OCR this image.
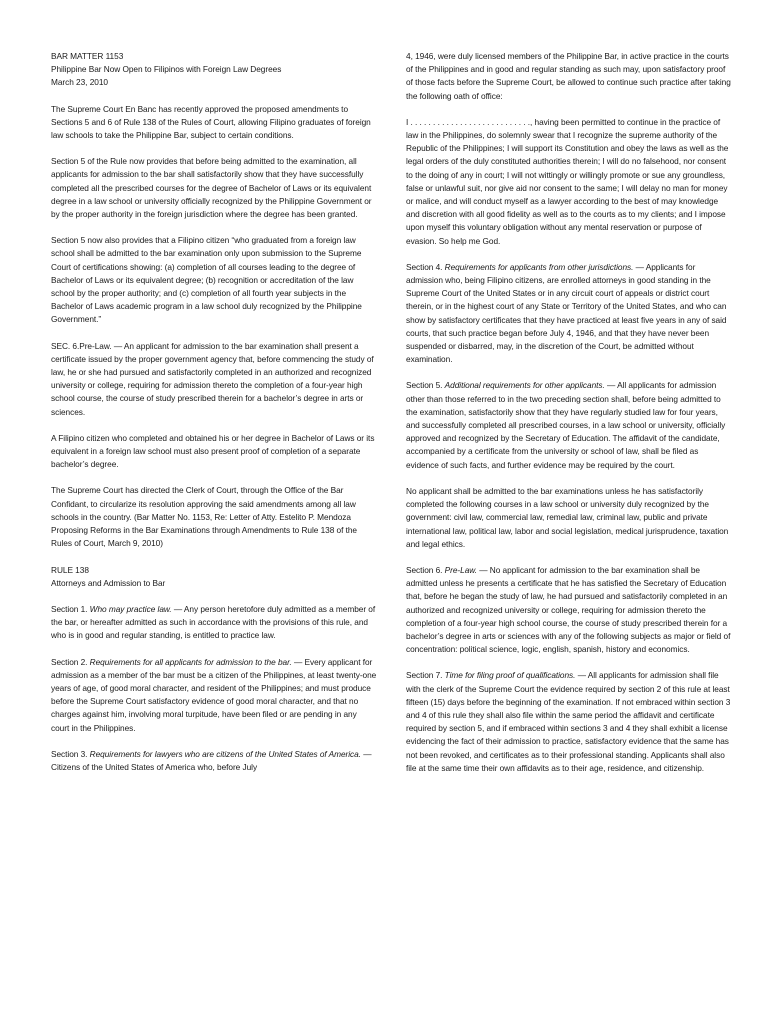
BAR MATTER 1153

Philippine Bar Now Open to Filipinos with Foreign Law Degrees

March 23, 2010

The Supreme Court En Banc has recently approved the proposed amendments to Sections 5 and 6 of Rule 138 of the Rules of Court, allowing Filipino graduates of foreign law schools to take the Philippine Bar, subject to certain conditions.

Section 5 of the Rule now provides that before being admitted to the examination, all applicants for admission to the bar shall satisfactorily show that they have successfully completed all the prescribed courses for the degree of Bachelor of Laws or its equivalent degree in a law school or university officially recognized by the Philippine Government or by the proper authority in the foreign jurisdiction where the degree has been granted.

Section 5 now also provides that a Filipino citizen “who graduated from a foreign law school shall be admitted to the bar examination only upon submission to the Supreme Court of certifications showing: (a) completion of all courses leading to the degree of Bachelor of Laws or its equivalent degree; (b) recognition or accreditation of the law school by the proper authority; and (c) completion of all fourth year subjects in the Bachelor of Laws academic program in a law school duly recognized by the Philippine Government.”

SEC. 6.Pre-Law. — An applicant for admission to the bar examination shall present a certificate issued by the proper government agency that, before commencing the study of law, he or she had pursued and satisfactorily completed in an authorized and recognized university or college, requiring for admission thereto the completion of a four-year high school course, the course of study prescribed therein for a bachelor’s degree in arts or sciences.

A Filipino citizen who completed and obtained his or her degree in Bachelor of Laws or its equivalent in a foreign law school must also present proof of completion of a separate bachelor’s degree.

The Supreme Court has directed the Clerk of Court, through the Office of the Bar Confidant, to circularize its resolution approving the said amendments among all law schools in the country. (Bar Matter No. 1153, Re: Letter of Atty. Estelito P. Mendoza Proposing Reforms in the Bar Examinations through Amendments to Rule 138 of the Rules of Court, March 9, 2010)

RULE 138

Attorneys and Admission to Bar

Section 1. Who may practice law. — Any person heretofore duly admitted as a member of the bar, or hereafter admitted as such in accordance with the provisions of this rule, and who is in good and regular standing, is entitled to practice law.

Section 2. Requirements for all applicants for admission to the bar. — Every applicant for admission as a member of the bar must be a citizen of the Philippines, at least twenty-one years of age, of good moral character, and resident of the Philippines; and must produce before the Supreme Court satisfactory evidence of good moral character, and that no charges against him, involving moral turpitude, have been filed or are pending in any court in the Philippines.

Section 3. Requirements for lawyers who are citizens of the United States of America. — Citizens of the United States of America who, before July

4, 1946, were duly licensed members of the Philippine Bar, in active practice in the courts of the Philippines and in good and regular standing as such may, upon satisfactory proof of those facts before the Supreme Court, be allowed to continue such practice after taking the following oath of office:

I . . . . . . . . . . . . . . . . . . . . . . . . . . ., having been permitted to continue in the practice of law in the Philippines, do solemnly swear that I recognize the supreme authority of the Republic of the Philippines; I will support its Constitution and obey the laws as well as the legal orders of the duly constituted authorities therein; I will do no falsehood, nor consent to the doing of any in court; I will not wittingly or willingly promote or sue any groundless, false or unlawful suit, nor give aid nor consent to the same; I will delay no man for money or malice, and will conduct myself as a lawyer according to the best of may knowledge and discretion with all good fidelity as well as to the courts as to my clients; and I impose upon myself this voluntary obligation without any mental reservation or purpose of evasion. So help me God.

Section 4. Requirements for applicants from other jurisdictions. — Applicants for admission who, being Filipino citizens, are enrolled attorneys in good standing in the Supreme Court of the United States or in any circuit court of appeals or district court therein, or in the highest court of any State or Territory of the United States, and who can show by satisfactory certificates that they have practiced at least five years in any of said courts, that such practice began before July 4, 1946, and that they have never been suspended or disbarred, may, in the discretion of the Court, be admitted without examination.

Section 5. Additional requirements for other applicants. — All applicants for admission other than those referred to in the two preceding section shall, before being admitted to the examination, satisfactorily show that they have regularly studied law for four years, and successfully completed all prescribed courses, in a law school or university, officially approved and recognized by the Secretary of Education. The affidavit of the candidate, accompanied by a certificate from the university or school of law, shall be filed as evidence of such facts, and further evidence may be required by the court.

No applicant shall be admitted to the bar examinations unless he has satisfactorily completed the following courses in a law school or university duly recognized by the government: civil law, commercial law, remedial law, criminal law, public and private international law, political law, labor and social legislation, medical jurisprudence, taxation and legal ethics.

Section 6. Pre-Law. — No applicant for admission to the bar examination shall be admitted unless he presents a certificate that he has satisfied the Secretary of Education that, before he began the study of law, he had pursued and satisfactorily completed in an authorized and recognized university or college, requiring for admission thereto the completion of a four-year high school course, the course of study prescribed therein for a bachelor’s degree in arts or sciences with any of the following subjects as major or field of concentration: political science, logic, english, spanish, history and economics.

Section 7. Time for filing proof of qualifications. — All applicants for admission shall file with the clerk of the Supreme Court the evidence required by section 2 of this rule at least fifteen (15) days before the beginning of the examination. If not embraced within section 3 and 4 of this rule they shall also file within the same period the affidavit and certificate required by section 5, and if embraced within sections 3 and 4 they shall exhibit a license evidencing the fact of their admission to practice, satisfactory evidence that the same has not been revoked, and certificates as to their professional standing. Applicants shall also file at the same time their own affidavits as to their age, residence, and citizenship.
